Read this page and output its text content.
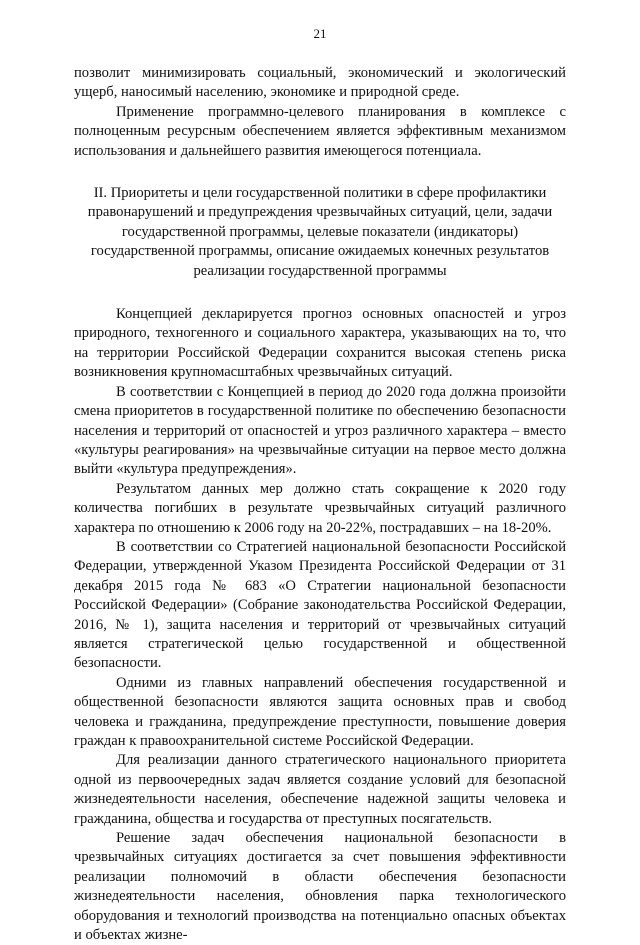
21

позволит минимизировать социальный, экономический и экологический ущерб, наносимый населению, экономике и природной среде.

Применение программно-целевого планирования в комплексе с полноценным ресурсным обеспечением является эффективным механизмом использования и дальнейшего развития имеющегося потенциала.

II. Приоритеты и цели государственной политики в сфере профилактики правонарушений и предупреждения чрезвычайных ситуаций, цели, задачи государственной программы, целевые показатели (индикаторы) государственной программы, описание ожидаемых конечных результатов реализации государственной программы

Концепцией декларируется прогноз основных опасностей и угроз природного, техногенного и социального характера, указывающих на то, что на территории Российской Федерации сохранится высокая степень риска возникновения крупномасштабных чрезвычайных ситуаций.

В соответствии с Концепцией в период до 2020 года должна произойти смена приоритетов в государственной политике по обеспечению безопасности населения и территорий от опасностей и угроз различного характера – вместо «культуры реагирования» на чрезвычайные ситуации на первое место должна выйти «культура предупреждения».

Результатом данных мер должно стать сокращение к 2020 году количества погибших в результате чрезвычайных ситуаций различного характера по отношению к 2006 году на 20-22%, пострадавших – на 18-20%.

В соответствии со Стратегией национальной безопасности Российской Федерации, утвержденной Указом Президента Российской Федерации от 31 декабря 2015 года № 683 «О Стратегии национальной безопасности Российской Федерации» (Собрание законодательства Российской Федерации, 2016, № 1), защита населения и территорий от чрезвычайных ситуаций является стратегической целью государственной и общественной безопасности.

Одними из главных направлений обеспечения государственной и общественной безопасности являются защита основных прав и свобод человека и гражданина, предупреждение преступности, повышение доверия граждан к правоохранительной системе Российской Федерации.

Для реализации данного стратегического национального приоритета одной из первоочередных задач является создание условий для безопасной жизнедеятельности населения, обеспечение надежной защиты человека и гражданина, общества и государства от преступных посягательств.

Решение задач обеспечения национальной безопасности в чрезвычайных ситуациях достигается за счет повышения эффективности реализации полномочий в области обеспечения безопасности жизнедеятельности населения, обновления парка технологического оборудования и технологий производства на потенциально опасных объектах и объектах жизне-
